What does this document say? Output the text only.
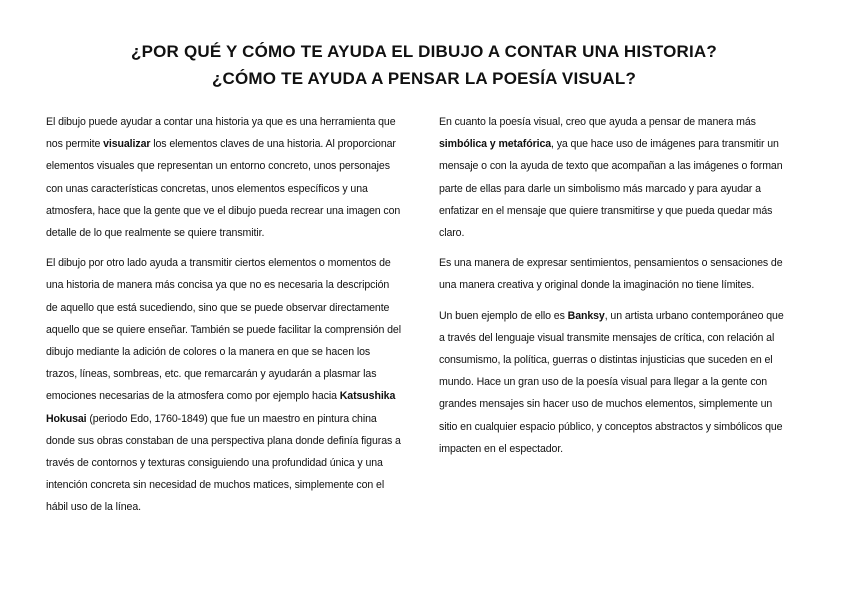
¿POR QUÉ Y CÓMO TE AYUDA EL DIBUJO A CONTAR UNA HISTORIA?
¿CÓMO TE AYUDA A PENSAR LA POESÍA VISUAL?

El dibujo puede ayudar a contar una historia ya que es una herramienta que nos permite visualizar los elementos claves de una historia. Al proporcionar elementos visuales que representan un entorno concreto, unos personajes con unas características concretas, unos elementos específicos y una atmosfera, hace que la gente que ve el dibujo pueda recrear una imagen con detalle de lo que realmente se quiere transmitir.

El dibujo por otro lado ayuda a transmitir ciertos elementos o momentos de una historia de manera más concisa ya que no es necesaria la descripción de aquello que está sucediendo, sino que se puede observar directamente aquello que se quiere enseñar. También se puede facilitar la comprensión del dibujo mediante la adición de colores o la manera en que se hacen los trazos, líneas, sombreas, etc. que remarcarán y ayudarán a plasmar las emociones necesarias de la atmosfera como por ejemplo hacia Katsushika Hokusai (periodo Edo, 1760-1849) que fue un maestro en pintura china donde sus obras constaban de una perspectiva plana donde definía figuras a través de contornos y texturas consiguiendo una profundidad única y una intención concreta sin necesidad de muchos matices, simplemente con el hábil uso de la línea.

En cuanto la poesía visual, creo que ayuda a pensar de manera más simbólica y metafórica, ya que hace uso de imágenes para transmitir un mensaje o con la ayuda de texto que acompañan a las imágenes o forman parte de ellas para darle un simbolismo más marcado y para ayudar a enfatizar en el mensaje que quiere transmitirse y que pueda quedar más claro.

Es una manera de expresar sentimientos, pensamientos o sensaciones de una manera creativa y original donde la imaginación no tiene límites.

Un buen ejemplo de ello es Banksy, un artista urbano contemporáneo que a través del lenguaje visual transmite mensajes de crítica, con relación al consumismo, la política, guerras o distintas injusticias que suceden en el mundo. Hace un gran uso de la poesía visual para llegar a la gente con grandes mensajes sin hacer uso de muchos elementos, simplemente un sitio en cualquier espacio público, y conceptos abstractos y simbólicos que impacten en el espectador.
